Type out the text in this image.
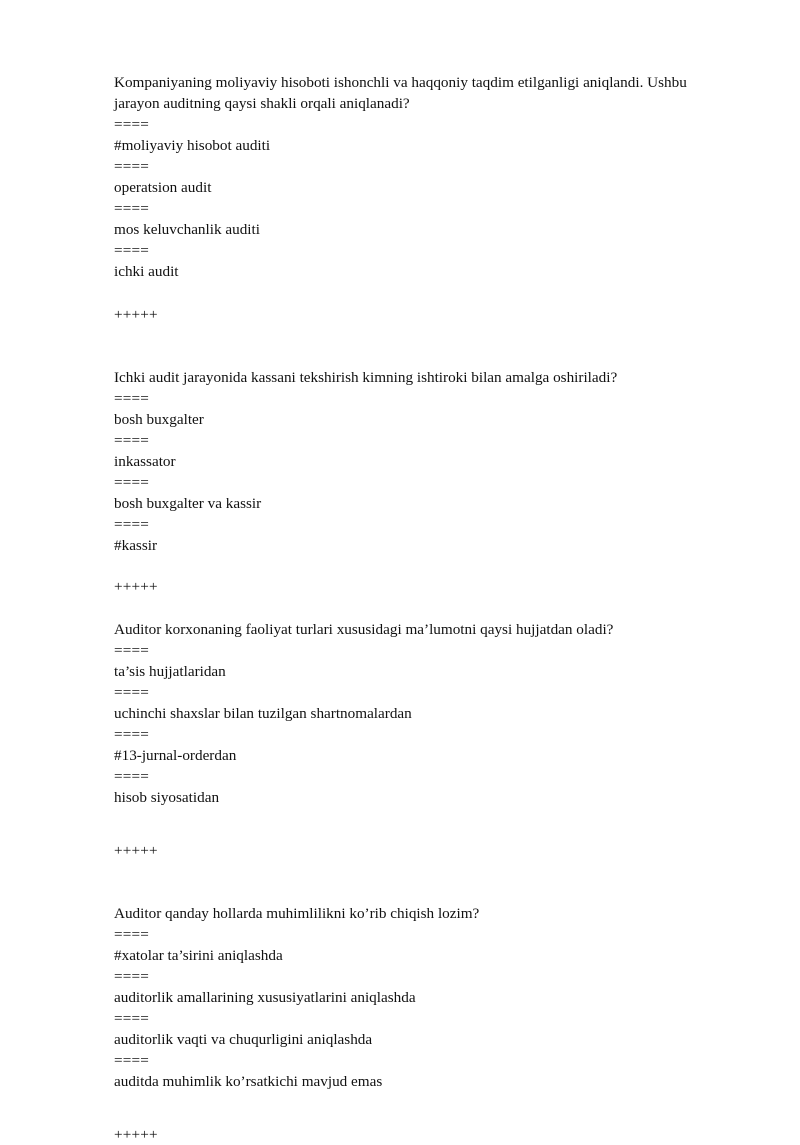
Kompaniyaning moliyaviy hisoboti ishonchli va haqqoniy taqdim etilganligi aniqlandi. Ushbu jarayon auditning qaysi shakli orqali aniqlanadi?

====
#moliyaviy hisobot auditi
====
operatsion audit
====
mos keluvchanlik auditi
====
ichki audit
+++++

Ichki audit jarayonida kassani tekshirish kimning ishtiroki bilan amalga oshiriladi?

====
bosh buxgalter
====
inkassator
====
bosh buxgalter va kassir
====
#kassir
+++++

Auditor korxonaning faoliyat turlari xususidagi ma’lumotni qaysi hujjatdan oladi?

====
ta’sis hujjatlaridan
====
uchinchi shaxslar bilan tuzilgan shartnomalardan
====
#13-jurnal-orderdan
====
hisob siyosatidan
+++++

Auditor qanday hollarda muhimlilikni ko’rib chiqish lozim?

====
#xatolar ta’sirini aniqlashda
====
auditorlik amallarining xususiyatlarini aniqlashda
====
auditorlik vaqti va chuqurligini aniqlashda
====
auditda muhimlik ko’rsatkichi mavjud emas
+++++
